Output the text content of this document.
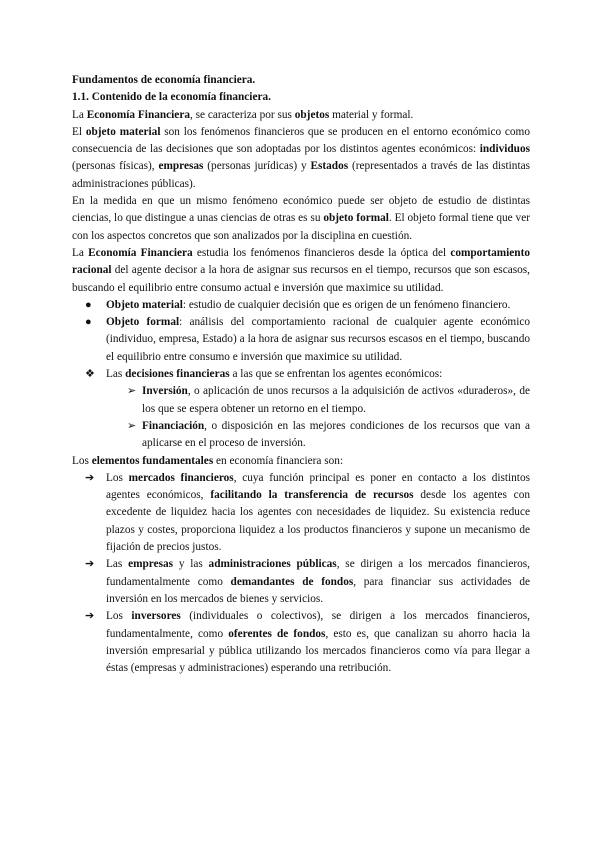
Fundamentos de economía financiera.

1.1. Contenido de la economía financiera.

La Economía Financiera, se caracteriza por sus objetos material y formal.

El objeto material son los fenómenos financieros que se producen en el entorno económico como consecuencia de las decisiones que son adoptadas por los distintos agentes económicos: individuos (personas físicas), empresas (personas jurídicas) y Estados (representados a través de las distintas administraciones públicas).

En la medida en que un mismo fenómeno económico puede ser objeto de estudio de distintas ciencias, lo que distingue a unas ciencias de otras es su objeto formal. El objeto formal tiene que ver con los aspectos concretos que son analizados por la disciplina en cuestión.

La Economía Financiera estudia los fenómenos financieros desde la óptica del comportamiento racional del agente decisor a la hora de asignar sus recursos en el tiempo, recursos que son escasos, buscando el equilibrio entre consumo actual e inversión que maximice su utilidad.

● Objeto material: estudio de cualquier decisión que es origen de un fenómeno financiero.

● Objeto formal: análisis del comportamiento racional de cualquier agente económico (individuo, empresa, Estado) a la hora de asignar sus recursos escasos en el tiempo, buscando el equilibrio entre consumo e inversión que maximice su utilidad.

❖ Las decisiones financieras a las que se enfrentan los agentes económicos:

➢ Inversión, o aplicación de unos recursos a la adquisición de activos «duraderos», de los que se espera obtener un retorno en el tiempo.

➢ Financiación, o disposición en las mejores condiciones de los recursos que van a aplicarse en el proceso de inversión.

Los elementos fundamentales en economía financiera son:

➔ Los mercados financieros, cuya función principal es poner en contacto a los distintos agentes económicos, facilitando la transferencia de recursos desde los agentes con excedente de liquidez hacia los agentes con necesidades de liquidez. Su existencia reduce plazos y costes, proporciona liquidez a los productos financieros y supone un mecanismo de fijación de precios justos.

➔ Las empresas y las administraciones públicas, se dirigen a los mercados financieros, fundamentalmente como demandantes de fondos, para financiar sus actividades de inversión en los mercados de bienes y servicios.

➔ Los inversores (individuales o colectivos), se dirigen a los mercados financieros, fundamentalmente, como oferentes de fondos, esto es, que canalizan su ahorro hacia la inversión empresarial y pública utilizando los mercados financieros como vía para llegar a éstas (empresas y administraciones) esperando una retribución.
